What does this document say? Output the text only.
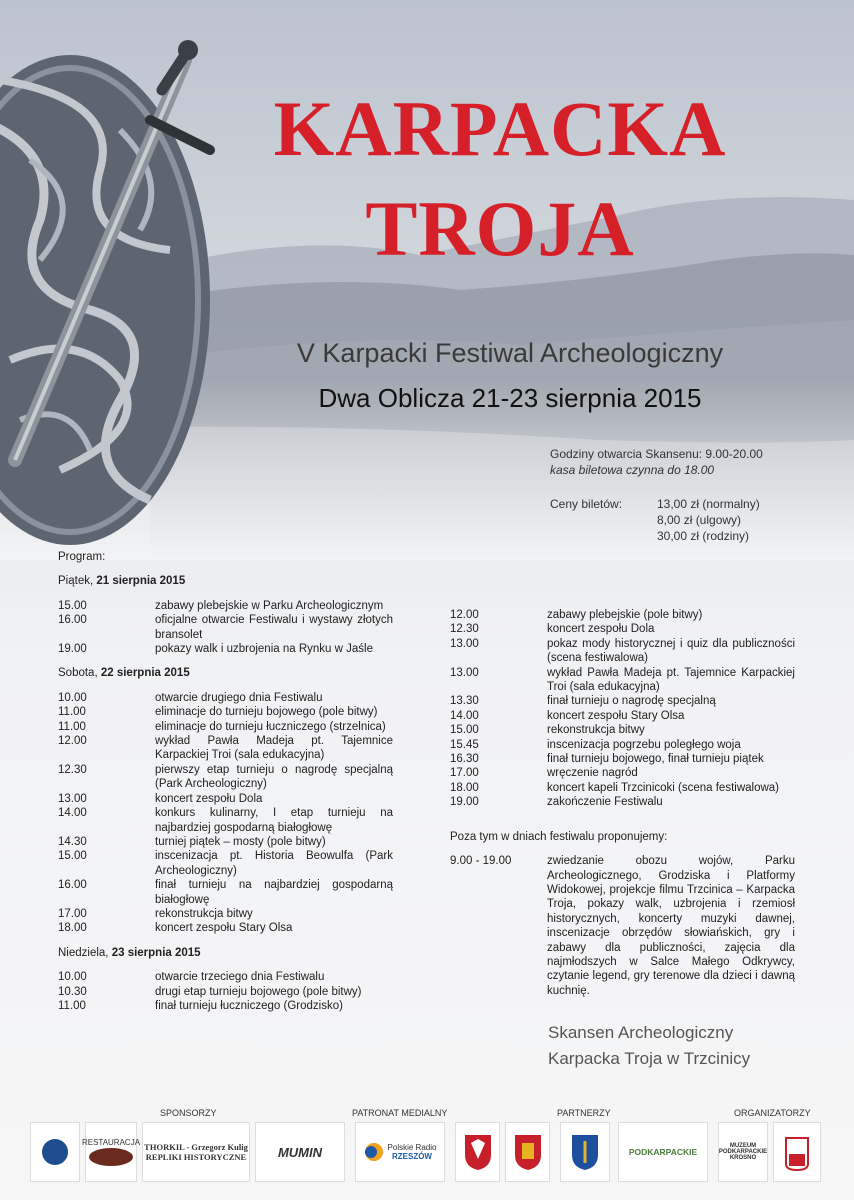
KARPACKA
TROJA
V Karpacki Festiwal Archeologiczny
Dwa Oblicza 21-23 sierpnia 2015
Godziny otwarcia Skansenu: 9.00-20.00
kasa biletowa czynna do 18.00
Ceny biletów:	13,00 zł (normalny)
8,00 zł (ulgowy)
30,00 zł (rodziny)
Program:
Piątek, 21 sierpnia 2015
15.00	zabawy plebejskie w Parku Archeologicznym
16.00	oficjalne otwarcie Festiwalu i wystawy złotych bransolet
19.00	pokazy walk i uzbrojenia na Rynku w Jaśle
Sobota, 22 sierpnia 2015
10.00	otwarcie drugiego dnia Festiwalu
11.00	eliminacje do turnieju bojowego (pole bitwy)
11.00	eliminacje do turnieju łuczniczego (strzelnica)
12.00	wykład Pawła Madeja pt. Tajemnice Karpackiej Troi (sala edukacyjna)
12.30	pierwszy etap turnieju o nagrodę specjalną (Park Archeologiczny)
13.00	koncert zespołu Dola
14.00	konkurs kulinarny, I etap turnieju na najbardziej gospodarną białogłowę
14.30	turniej piątek – mosty (pole bitwy)
15.00	inscenizacja pt. Historia Beowulfa (Park Archeologiczny)
16.00	finał turnieju na najbardziej gospodarną białogłowę
17.00	rekonstrukcja bitwy
18.00	koncert zespołu Stary Olsa
Niedziela, 23 sierpnia 2015
10.00	otwarcie trzeciego dnia Festiwalu
10.30	drugi etap turnieju bojowego (pole bitwy)
11.00	finał turnieju łuczniczego (Grodzisko)
12.00	zabawy plebejskie (pole bitwy)
12.30	koncert zespołu Dola
13.00	pokaz mody historycznej i quiz dla publiczności (scena festiwalowa)
13.00	wykład Pawła Madeja pt. Tajemnice Karpackiej Troi (sala edukacyjna)
13.30	finał turnieju o nagrodę specjalną
14.00	koncert zespołu Stary Olsa
15.00	rekonstrukcja bitwy
15.45	inscenizacja pogrzebu poległego woja
16.30	finał turnieju bojowego, finał turnieju piątek
17.00	wręczenie nagród
18.00	koncert kapeli Trzcinicoki (scena festiwalowa)
19.00	zakończenie Festiwalu
Poza tym w dniach festiwalu proponujemy:
9.00 - 19.00	zwiedzanie obozu wojów, Parku Archeologicznego, Grodziska i Platformy Widokowej, projekcje filmu Trzcinica – Karpacka Troja, pokazy walk, uzbrojenia i rzemiosł historycznych, koncerty muzyki dawnej, inscenizacje obrzędów słowiańskich, gry i zabawy dla publiczności, zajęcia dla najmłodszych w Salce Małego Odkrywcy, czytanie legend, gry terenowe dla dzieci i dawną kuchnię.
Skansen Archeologiczny
Karpacka Troja w Trzcinicy
SPONSORZY	PATRONAT MEDIALNY	PARTNERZY	ORGANIZATORZY
RESTAURACJA THORKIL - Grzegorz Kulig
REPLIKI HISTORYCZNE MUMIN	Polskie Radio
RZESZÓW	PODKARPACKIE
MUZEUM PODKARPACKIE
KROSNO
